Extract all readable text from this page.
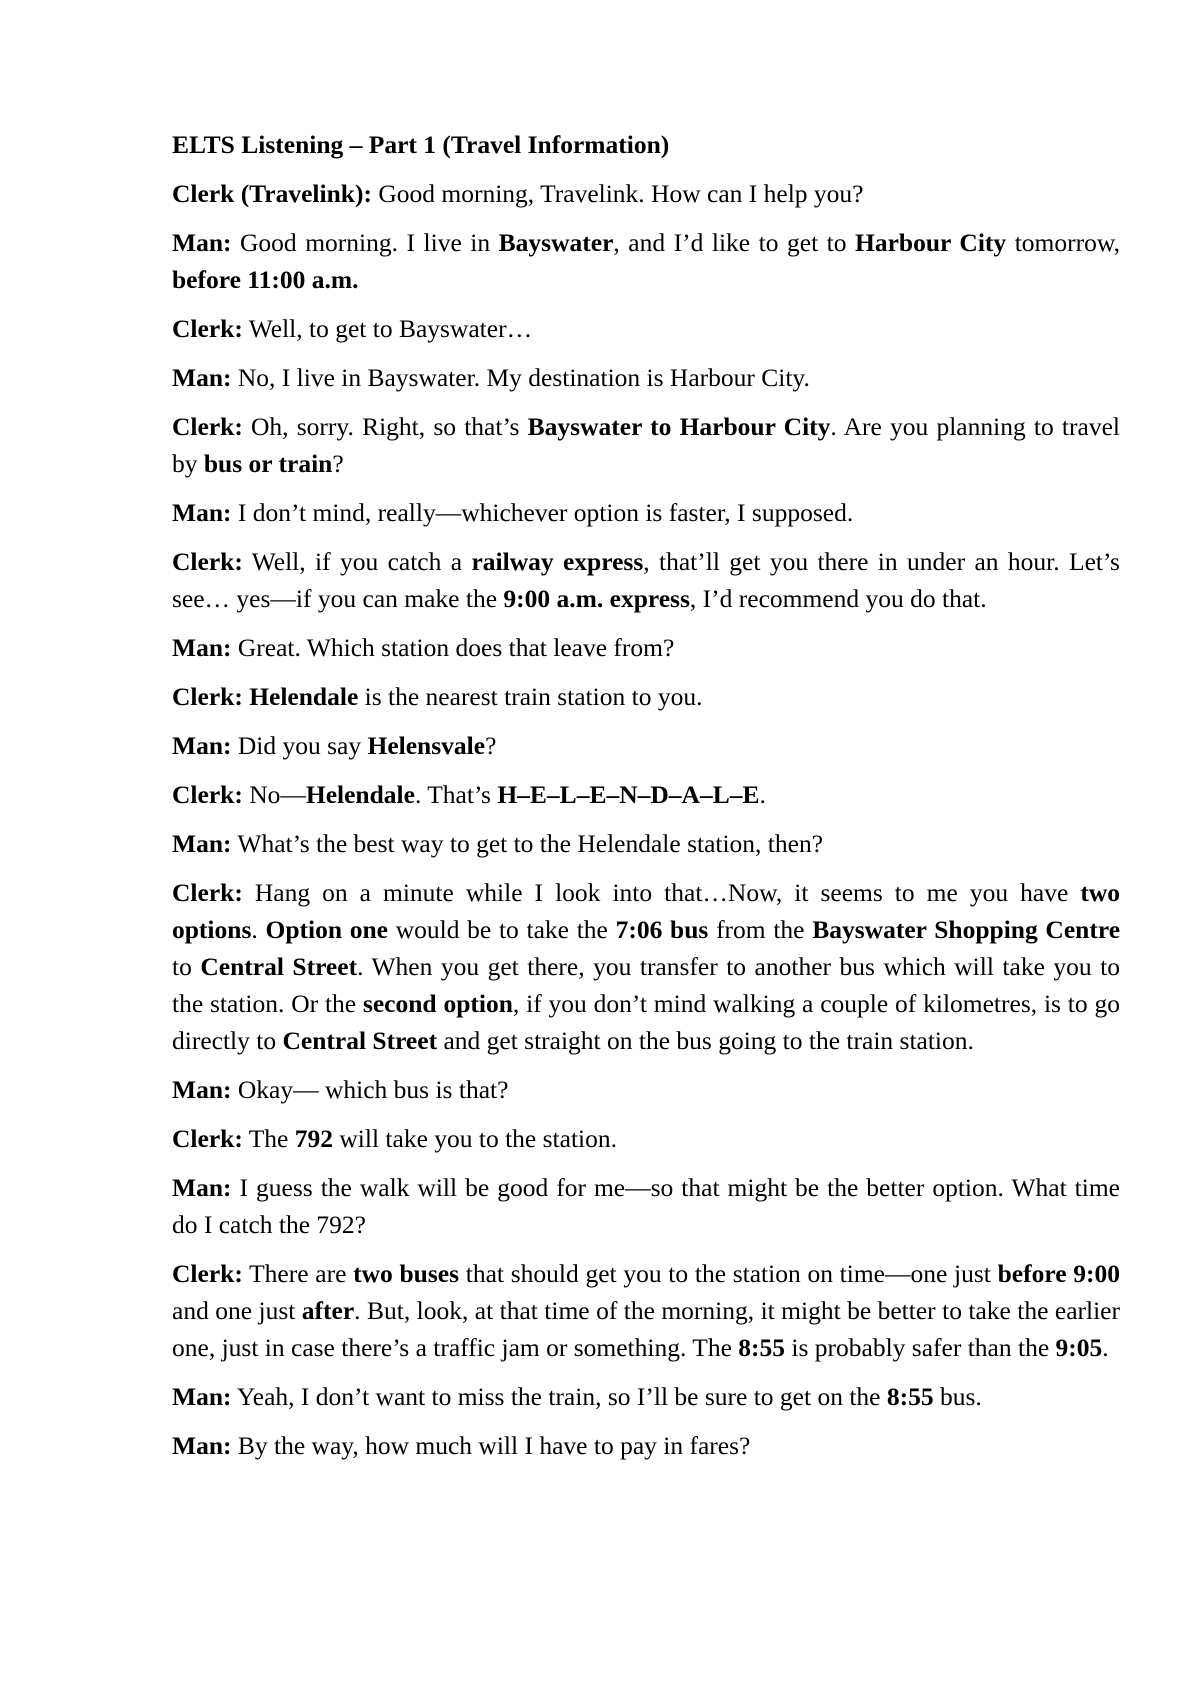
ELTS Listening – Part 1 (Travel Information)

Clerk (Travelink): Good morning, Travelink. How can I help you?

Man: Good morning. I live in Bayswater, and I’d like to get to Harbour City tomorrow, before 11:00 a.m.

Clerk: Well, to get to Bayswater…

Man: No, I live in Bayswater. My destination is Harbour City.

Clerk: Oh, sorry. Right, so that’s Bayswater to Harbour City. Are you planning to travel by bus or train?

Man: I don’t mind, really—whichever option is faster, I supposed.

Clerk: Well, if you catch a railway express, that’ll get you there in under an hour. Let’s see… yes—if you can make the 9:00 a.m. express, I’d recommend you do that.

Man: Great. Which station does that leave from?

Clerk: Helendale is the nearest train station to you.

Man: Did you say Helensvale?

Clerk: No—Helendale. That’s H–E–L–E–N–D–A–L–E.

Man: What’s the best way to get to the Helendale station, then?

Clerk: Hang on a minute while I look into that…Now, it seems to me you have two options. Option one would be to take the 7:06 bus from the Bayswater Shopping Centre to Central Street. When you get there, you transfer to another bus which will take you to the station. Or the second option, if you don’t mind walking a couple of kilometres, is to go directly to Central Street and get straight on the bus going to the train station.

Man: Okay— which bus is that?

Clerk: The 792 will take you to the station.

Man: I guess the walk will be good for me—so that might be the better option. What time do I catch the 792?

Clerk: There are two buses that should get you to the station on time—one just before 9:00 and one just after. But, look, at that time of the morning, it might be better to take the earlier one, just in case there’s a traffic jam or something. The 8:55 is probably safer than the 9:05.

Man: Yeah, I don’t want to miss the train, so I’ll be sure to get on the 8:55 bus.

Man: By the way, how much will I have to pay in fares?
